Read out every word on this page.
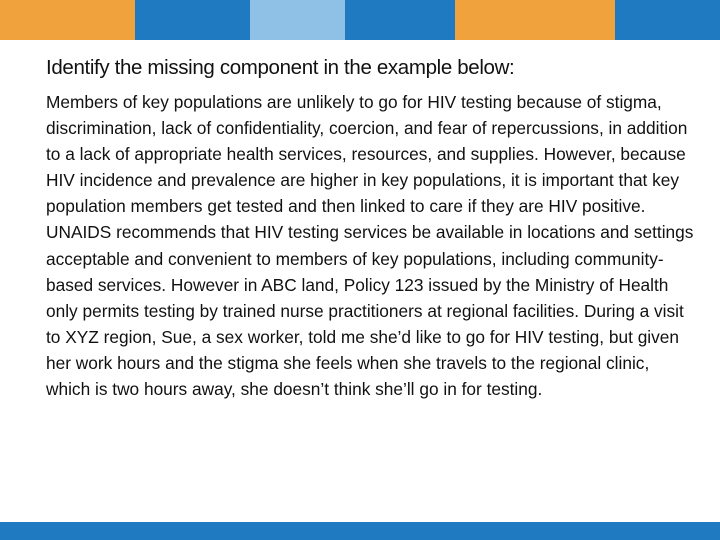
Identify the missing component in the example below:

Members of key populations are unlikely to go for HIV testing because of stigma, discrimination, lack of confidentiality, coercion, and fear of repercussions, in addition to a lack of appropriate health services, resources, and supplies. However, because HIV incidence and prevalence are higher in key populations, it is important that key population members get tested and then linked to care if they are HIV positive. UNAIDS recommends that HIV testing services be available in locations and settings acceptable and convenient to members of key populations, including community-based services. However in ABC land, Policy 123 issued by the Ministry of Health only permits testing by trained nurse practitioners at regional facilities. During a visit to XYZ region, Sue, a sex worker, told me she’d like to go for HIV testing, but given her work hours and the stigma she feels when she travels to the regional clinic, which is two hours away, she doesn’t think she’ll go in for testing.
